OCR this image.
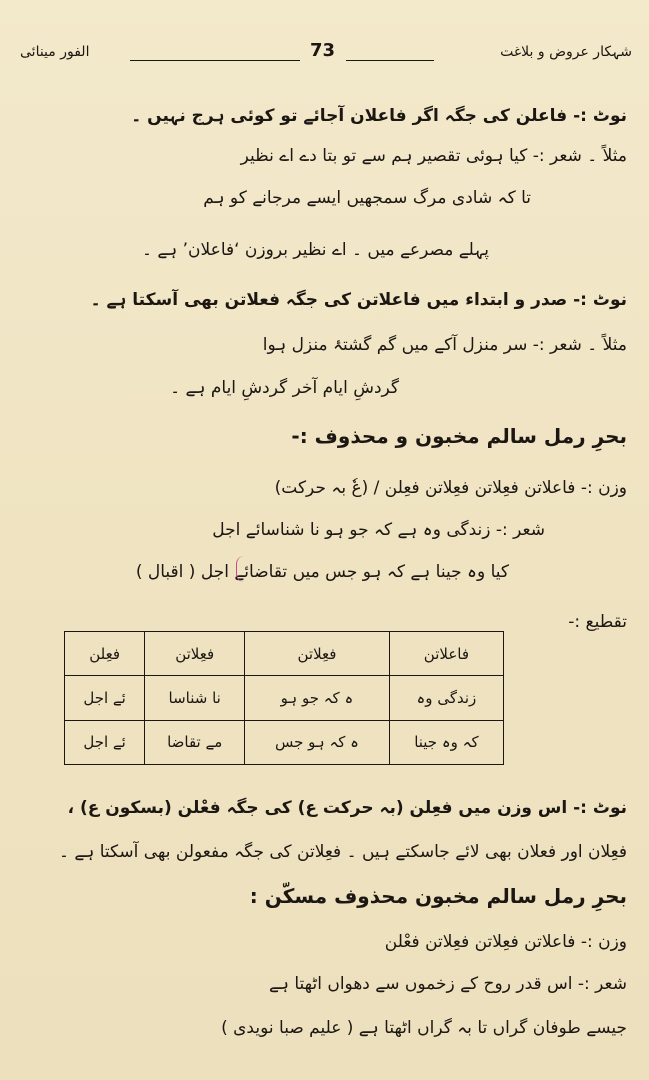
شہکار عروض و بلاغت
73
الفور مینائی
نوٹ :- فاعلن کی جگہ اگر فاعلان آجائے تو کوئی ہرج نہیں ۔
مثلاً ۔ شعر :- کیا ہوئی تقصیر ہم سے تو بتا دے اے نظیر
تا کہ شادی مرگ سمجھیں ایسے مرجانے کو ہم
پہلے مصرعے میں ۔ اے نظیر بروزن ‘فاعلان’ ہے ۔
نوٹ :- صدر و ابتداء میں فاعلاتن کی جگہ فعلاتن بھی آسکتا ہے ۔
مثلاً ۔ شعر :- سر منزل آکے میں گم گشتۂ منزل ہوا
گردشِ ایام آخر گردشِ ایام ہے ۔
بحرِ رمل سالم مخبون و محذوف :-
وزن :- فاعلاتن فعِلاتن فعِلاتن فعِلن / (عٗ بہ حرکت)
شعر :- زندگی وہ ہے کہ جو ہو نا شناسائے اجل
کیا وہ جینا ہے کہ ہو جس میں تقاضائے اجل ( اقبال )
تقطیع :-
فاعلاتن	فعِلاتن	فعِلاتن	فعِلن
زندگی وہ	ہ کہ جو ہو	نا شناسا	ئے اجل
کہ وہ جینا	ہ کہ ہو جس	مے تقاضا	ئے اجل
نوٹ :- اس وزن میں فعِلن (بہ حرکت ع) کی جگہ فعْلن (بسکون ع) ،
فعِلان اور فعلان بھی لائے جاسکتے ہیں ۔ فعِلاتن کی جگہ مفعولن بھی آسکتا ہے ۔
بحرِ رمل سالم مخبون محذوف مسکّن :
وزن :- فاعلاتن فعِلاتن فعِلاتن فعْلن
شعر :- اس قدر روح کے زخموں سے دھواں اٹھتا ہے
جیسے طوفان گراں تا بہ گراں اٹھتا ہے ( علیم صبا نویدی )
